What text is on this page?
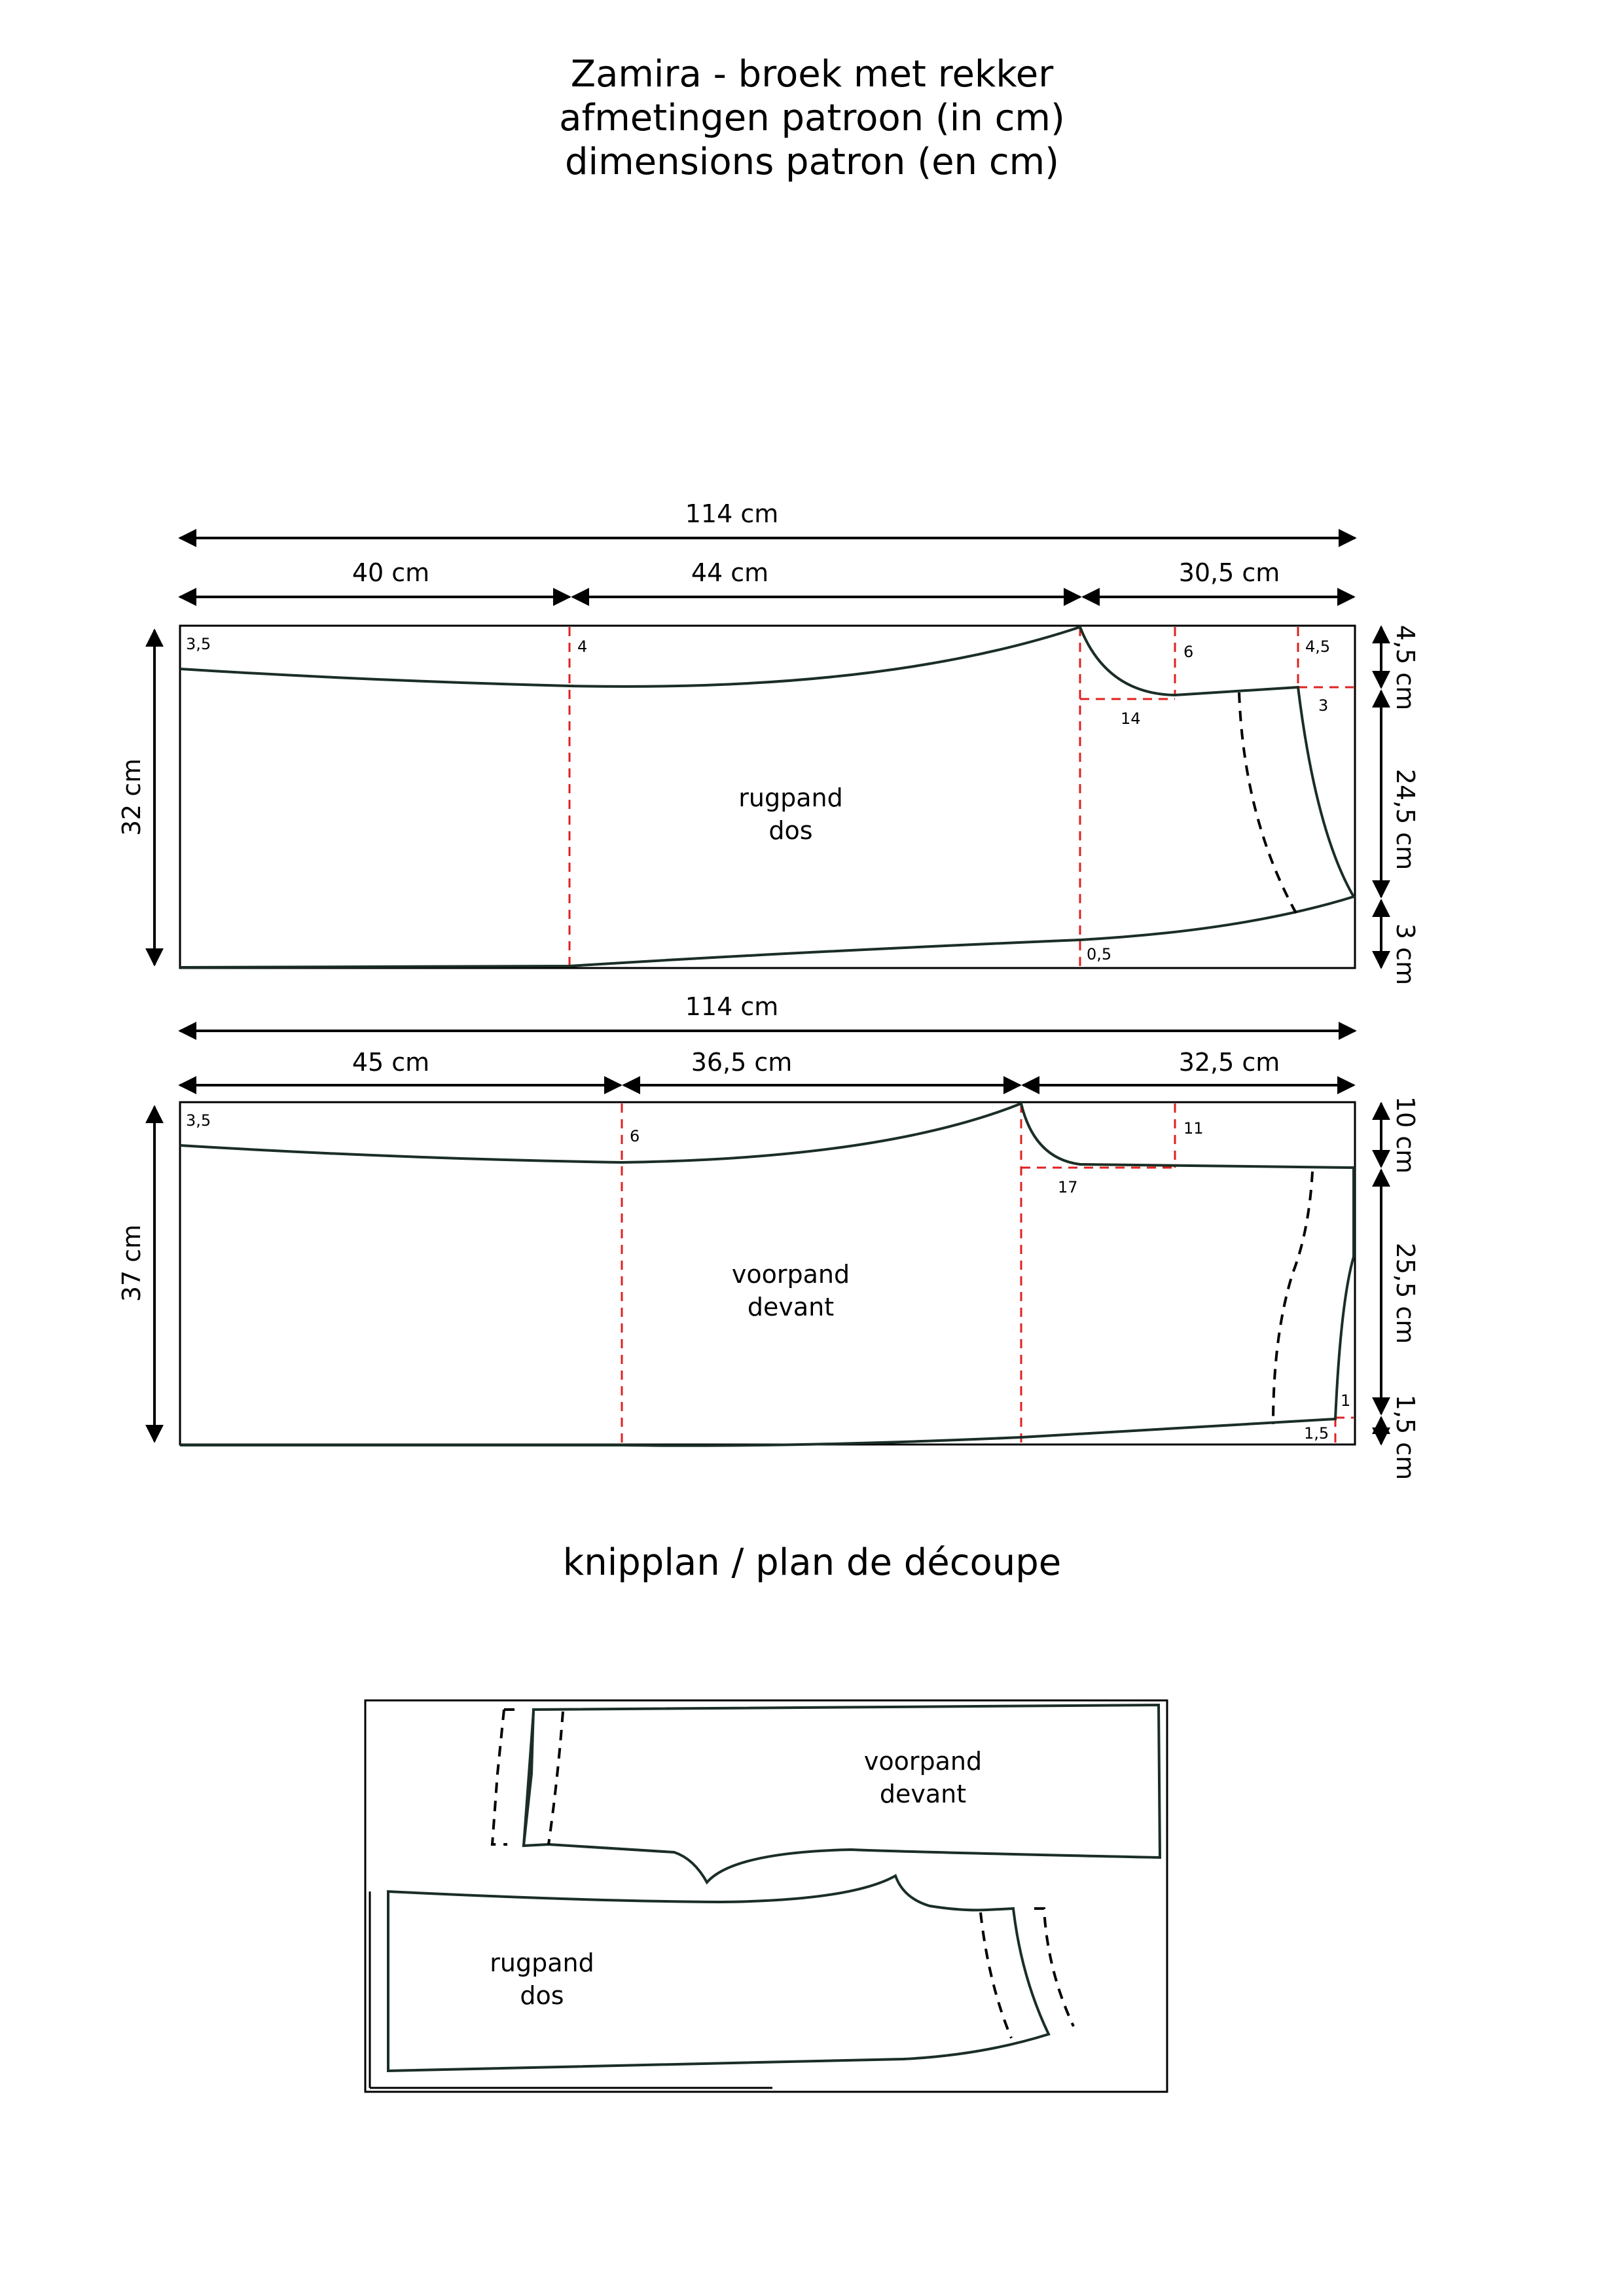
Zamira - broek met rekker
afmetingen patroon (in cm)
dimensions patron (en cm)
114 cm
40 cm	44 cm	30,5 cm
32 cm
4,5 cm
24,5 cm
3 cm
3,5	4	6	4,5
14
3
0,5
rugpand
dos
114 cm
45 cm	36,5 cm	32,5 cm
37 cm
10 cm
25,5 cm
1,5 cm
3,5
6	11
17
1
1,5
voorpand
devant
voorpand
devant
rugpand
dos
knipplan / plan de découpe
